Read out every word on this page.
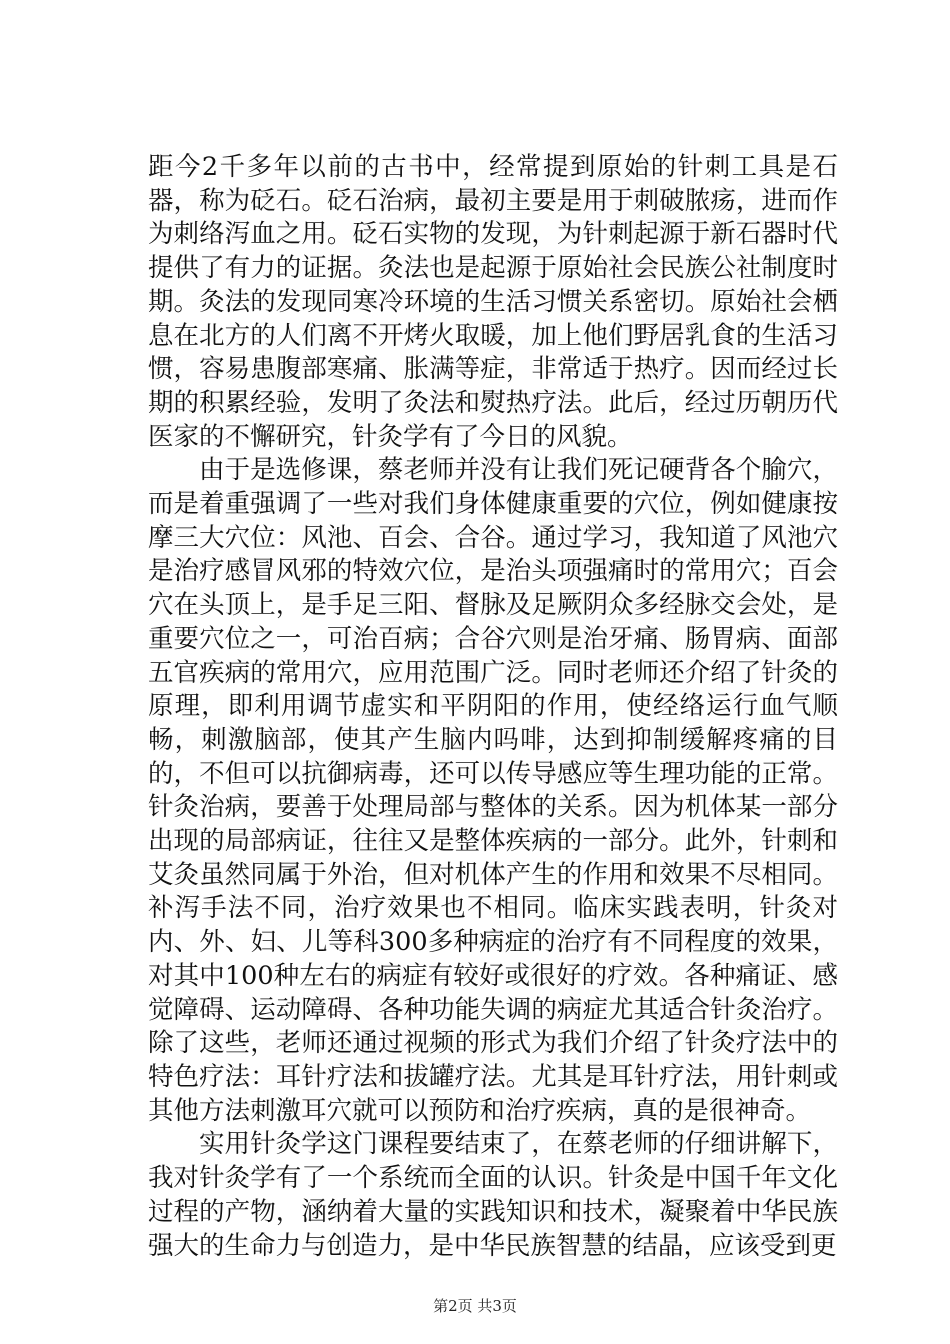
距今2千多年以前的古书中，经常提到原始的针刺工具是石器，称为砭石。砭石治病，最初主要是用于刺破脓疡，进而作为刺络泻血之用。砭石实物的发现，为针刺起源于新石器时代提供了有力的证据。灸法也是起源于原始社会民族公社制度时期。灸法的发现同寒冷环境的生活习惯关系密切。原始社会栖息在北方的人们离不开烤火取暖，加上他们野居乳食的生活习惯，容易患腹部寒痛、胀满等症，非常适于热疗。因而经过长期的积累经验，发明了灸法和熨热疗法。此后，经过历朝历代医家的不懈研究，针灸学有了今日的风貌。

由于是选修课，蔡老师并没有让我们死记硬背各个腧穴，而是着重强调了一些对我们身体健康重要的穴位，例如健康按摩三大穴位：风池、百会、合谷。通过学习，我知道了风池穴是治疗感冒风邪的特效穴位，是治头项强痛时的常用穴；百会穴在头顶上，是手足三阳、督脉及足厥阴众多经脉交会处，是重要穴位之一，可治百病；合谷穴则是治牙痛、肠胃病、面部五官疾病的常用穴，应用范围广泛。同时老师还介绍了针灸的原理，即利用调节虚实和平阴阳的作用，使经络运行血气顺畅，刺激脑部，使其产生脑内吗啡，达到抑制缓解疼痛的目的，不但可以抗御病毒，还可以传导感应等生理功能的正常。针灸治病，要善于处理局部与整体的关系。因为机体某一部分出现的局部病证，往往又是整体疾病的一部分。此外，针刺和艾灸虽然同属于外治，但对机体产生的作用和效果不尽相同。补泻手法不同，治疗效果也不相同。临床实践表明，针灸对内、外、妇、儿等科300多种病症的治疗有不同程度的效果，对其中100种左右的病症有较好或很好的疗效。各种痛证、感觉障碍、运动障碍、各种功能失调的病症尤其适合针灸治疗。除了这些，老师还通过视频的形式为我们介绍了针灸疗法中的特色疗法：耳针疗法和拔罐疗法。尤其是耳针疗法，用针刺或其他方法刺激耳穴就可以预防和治疗疾病，真的是很神奇。

实用针灸学这门课程要结束了，在蔡老师的仔细讲解下，我对针灸学有了一个系统而全面的认识。针灸是中国千年文化过程的产物，涵纳着大量的实践知识和技术，凝聚着中华民族强大的生命力与创造力，是中华民族智慧的结晶，应该受到更

第2页 共3页
